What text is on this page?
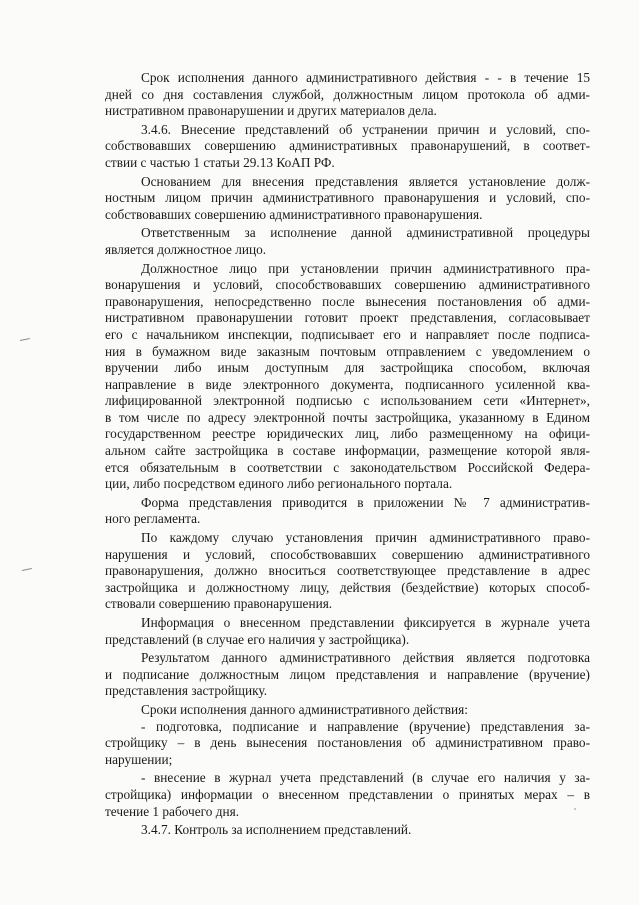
Срок исполнения данного административного действия - - в течение 15
дней со дня составления службой, должностным лицом протокола об адми-
нистративном правонарушении и других материалов дела.
3.4.6. Внесение представлений об устранении причин и условий, спо-
собствовавших совершению административных правонарушений, в соответ-
ствии с частью 1 статьи 29.13 КоАП РФ.
Основанием для внесения представления является установление долж-
ностным лицом причин административного правонарушения и условий, спо-
собствовавших совершению административного правонарушения.
Ответственным за исполнение данной административной процедуры
является должностное лицо.
Должностное лицо при установлении причин административного пра-
вонарушения и условий, способствовавших совершению административного
правонарушения, непосредственно после вынесения постановления об адми-
нистративном правонарушении готовит проект представления, согласовывает
его с начальником инспекции, подписывает его и направляет после подписа-
ния в бумажном виде заказным почтовым отправлением с уведомлением о
вручении либо иным доступным для застройщика способом, включая
направление в виде электронного документа, подписанного усиленной ква-
лифицированной электронной подписью с использованием сети «Интернет»,
в том числе по адресу электронной почты застройщика, указанному в Едином
государственном реестре юридических лиц, либо размещенному на офици-
альном сайте застройщика в составе информации, размещение которой явля-
ется обязательным в соответствии с законодательством Российской Федера-
ции, либо посредством единого либо регионального портала.
Форма представления приводится в приложении № 7 административ-
ного регламента.
По каждому случаю установления причин административного право-
нарушения и условий, способствовавших совершению административного
правонарушения, должно вноситься соответствующее представление в адрес
застройщика и должностному лицу, действия (бездействие) которых способ-
ствовали совершению правонарушения.
Информация о внесенном представлении фиксируется в журнале учета
представлений (в случае его наличия у застройщика).
Результатом данного административного действия является подготовка
и подписание должностным лицом представления и направление (вручение)
представления застройщику.
Сроки исполнения данного административного действия:
- подготовка, подписание и направление (вручение) представления за-
стройщику – в день вынесения постановления об административном право-
нарушении;
- внесение в журнал учета представлений (в случае его наличия у за-
стройщика) информации о внесенном представлении о принятых мерах – в
течение 1 рабочего дня.
3.4.7. Контроль за исполнением представлений.
